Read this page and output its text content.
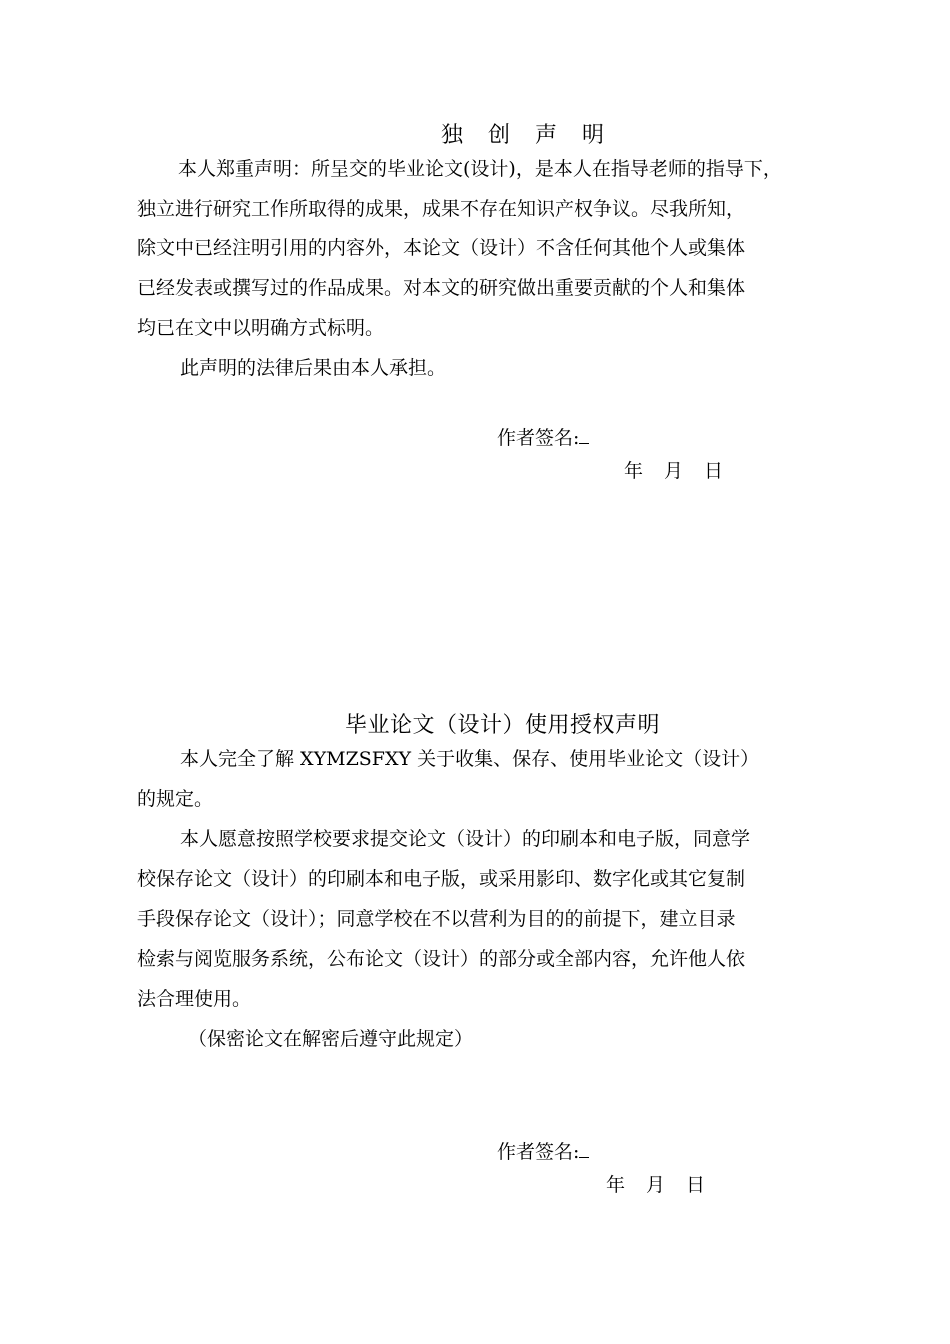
独 创 声 明
本人郑重声明：所呈交的毕业论文(设计)，是本人在指导老师的指导下，
独立进行研究工作所取得的成果，成果不存在知识产权争议。尽我所知，
除文中已经注明引用的内容外，本论文（设计）不含任何其他个人或集体
已经发表或撰写过的作品成果。对本文的研究做出重要贡献的个人和集体
均已在文中以明确方式标明。
此声明的法律后果由本人承担。
作者签名:
年 月 日
毕业论文（设计）使用授权声明
本人完全了解 XYMZSFXY 关于收集、保存、使用毕业论文（设计）
的规定。
本人愿意按照学校要求提交论文（设计）的印刷本和电子版，同意学
校保存论文（设计）的印刷本和电子版，或采用影印、数字化或其它复制
手段保存论文（设计）；同意学校在不以营利为目的的前提下，建立目录
检索与阅览服务系统，公布论文（设计）的部分或全部内容，允许他人依
法合理使用。
（保密论文在解密后遵守此规定）
作者签名:
年 月 日
